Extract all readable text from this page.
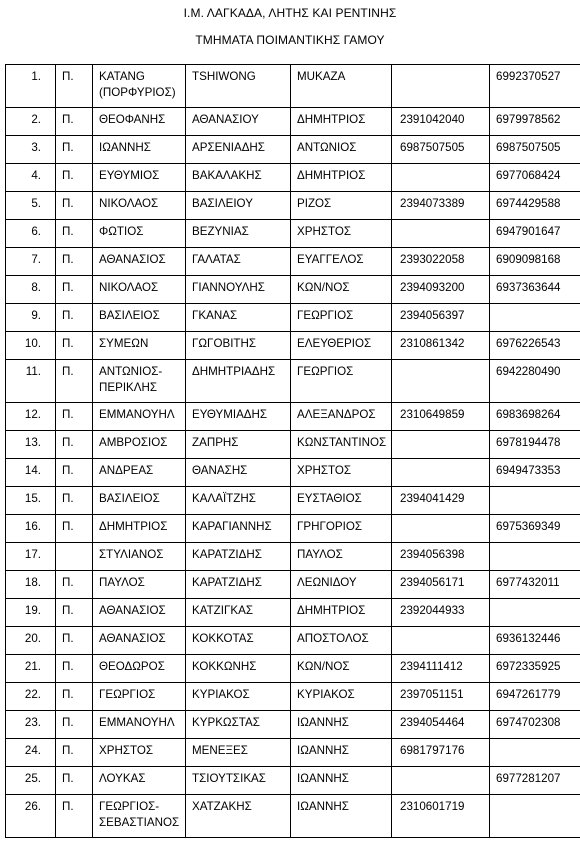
Ι.Μ. ΛΑΓΚΑΔΑ, ΛΗΤΗΣ ΚΑΙ ΡΕΝΤΙΝΗΣ
ΤΜΗΜΑΤΑ ΠΟΙΜΑΝΤΙΚΗΣ ΓΑΜΟΥ
1.	Π.	KATANG (ΠΟΡΦΥΡΙΟΣ)	TSHIWONG	MUKAZA		6992370527
2.	Π.	ΘΕΟΦΑΝΗΣ	ΑΘΑΝΑΣΙΟΥ	ΔΗΜΗΤΡΙΟΣ	2391042040	6979978562
3.	Π.	ΙΩΑΝΝΗΣ	ΑΡΣΕΝΙΑΔΗΣ	ΑΝΤΩΝΙΟΣ	6987507505	6987507505
4.	Π.	ΕΥΘΥΜΙΟΣ	ΒΑΚΑΛΑΚΗΣ	ΔΗΜΗΤΡΙΟΣ		6977068424
5.	Π.	ΝΙΚΟΛΑΟΣ	ΒΑΣΙΛΕΙΟΥ	ΡΙΖΟΣ	2394073389	6974429588
6.	Π.	ΦΩΤΙΟΣ	ΒΕΖΥΝΙΑΣ	ΧΡΗΣΤΟΣ		6947901647
7.	Π.	ΑΘΑΝΑΣΙΟΣ	ΓΑΛΑΤΑΣ	ΕΥΑΓΓΕΛΟΣ	2393022058	6909098168
8.	Π.	ΝΙΚΟΛΑΟΣ	ΓΙΑΝΝΟΥΛΗΣ	ΚΩΝ/ΝΟΣ	2394093200	6937363644
9.	Π.	ΒΑΣΙΛΕΙΟΣ	ΓΚΑΝΑΣ	ΓΕΩΡΓΙΟΣ	2394056397	
10.	Π.	ΣΥΜΕΩΝ	ΓΩΓΟΒΙΤΗΣ	ΕΛΕΥΘΕΡΙΟΣ	2310861342	6976226543
11.	Π.	ΑΝΤΩΝΙΟΣ-ΠΕΡΙΚΛΗΣ	ΔΗΜΗΤΡΙΑΔΗΣ	ΓΕΩΡΓΙΟΣ		6942280490
12.	Π.	ΕΜΜΑΝΟΥΗΛ	ΕΥΘΥΜΙΑΔΗΣ	ΑΛΕΞΑΝΔΡΟΣ	2310649859	6983698264
13.	Π.	ΑΜΒΡΟΣΙΟΣ	ΖΑΠΡΗΣ	ΚΩΝΣΤΑΝΤΙΝΟΣ		6978194478
14.	Π.	ΑΝΔΡΕΑΣ	ΘΑΝΑΣΗΣ	ΧΡΗΣΤΟΣ		6949473353
15.	Π.	ΒΑΣΙΛΕΙΟΣ	ΚΑΛΑΪΤΖΗΣ	ΕΥΣΤΑΘΙΟΣ	2394041429	
16.	Π.	ΔΗΜΗΤΡΙΟΣ	ΚΑΡΑΓΙΑΝΝΗΣ	ΓΡΗΓΟΡΙΟΣ		6975369349
17.		ΣΤΥΛΙΑΝΟΣ	ΚΑΡΑΤΖΙΔΗΣ	ΠΑΥΛΟΣ	2394056398	
18.	Π.	ΠΑΥΛΟΣ	ΚΑΡΑΤΖΙΔΗΣ	ΛΕΩΝΙΔΟΥ	2394056171	6977432011
19.	Π.	ΑΘΑΝΑΣΙΟΣ	ΚΑΤΖΙΓΚΑΣ	ΔΗΜΗΤΡΙΟΣ	2392044933	
20.	Π.	ΑΘΑΝΑΣΙΟΣ	ΚΟΚΚΟΤΑΣ	ΑΠΟΣΤΟΛΟΣ		6936132446
21.	Π.	ΘΕΟΔΩΡΟΣ	ΚΟΚΚΩΝΗΣ	ΚΩΝ/ΝΟΣ	2394111412	6972335925
22.	Π.	ΓΕΩΡΓΙΟΣ	ΚΥΡΙΑΚΟΣ	ΚΥΡΙΑΚΟΣ	2397051151	6947261779
23.	Π.	ΕΜΜΑΝΟΥΗΛ	ΚΥΡΚΩΣΤΑΣ	ΙΩΑΝΝΗΣ	2394054464	6974702308
24.	Π.	ΧΡΗΣΤΟΣ	ΜΕΝΕΞΕΣ	ΙΩΑΝΝΗΣ	6981797176	
25.	Π.	ΛΟΥΚΑΣ	ΤΣΙΟΥΤΣΙΚΑΣ	ΙΩΑΝΝΗΣ		6977281207
26.	Π.	ΓΕΩΡΓΙΟΣ-ΣΕΒΑΣΤΙΑΝΟΣ	ΧΑΤΖΑΚΗΣ	ΙΩΑΝΝΗΣ	2310601719	
